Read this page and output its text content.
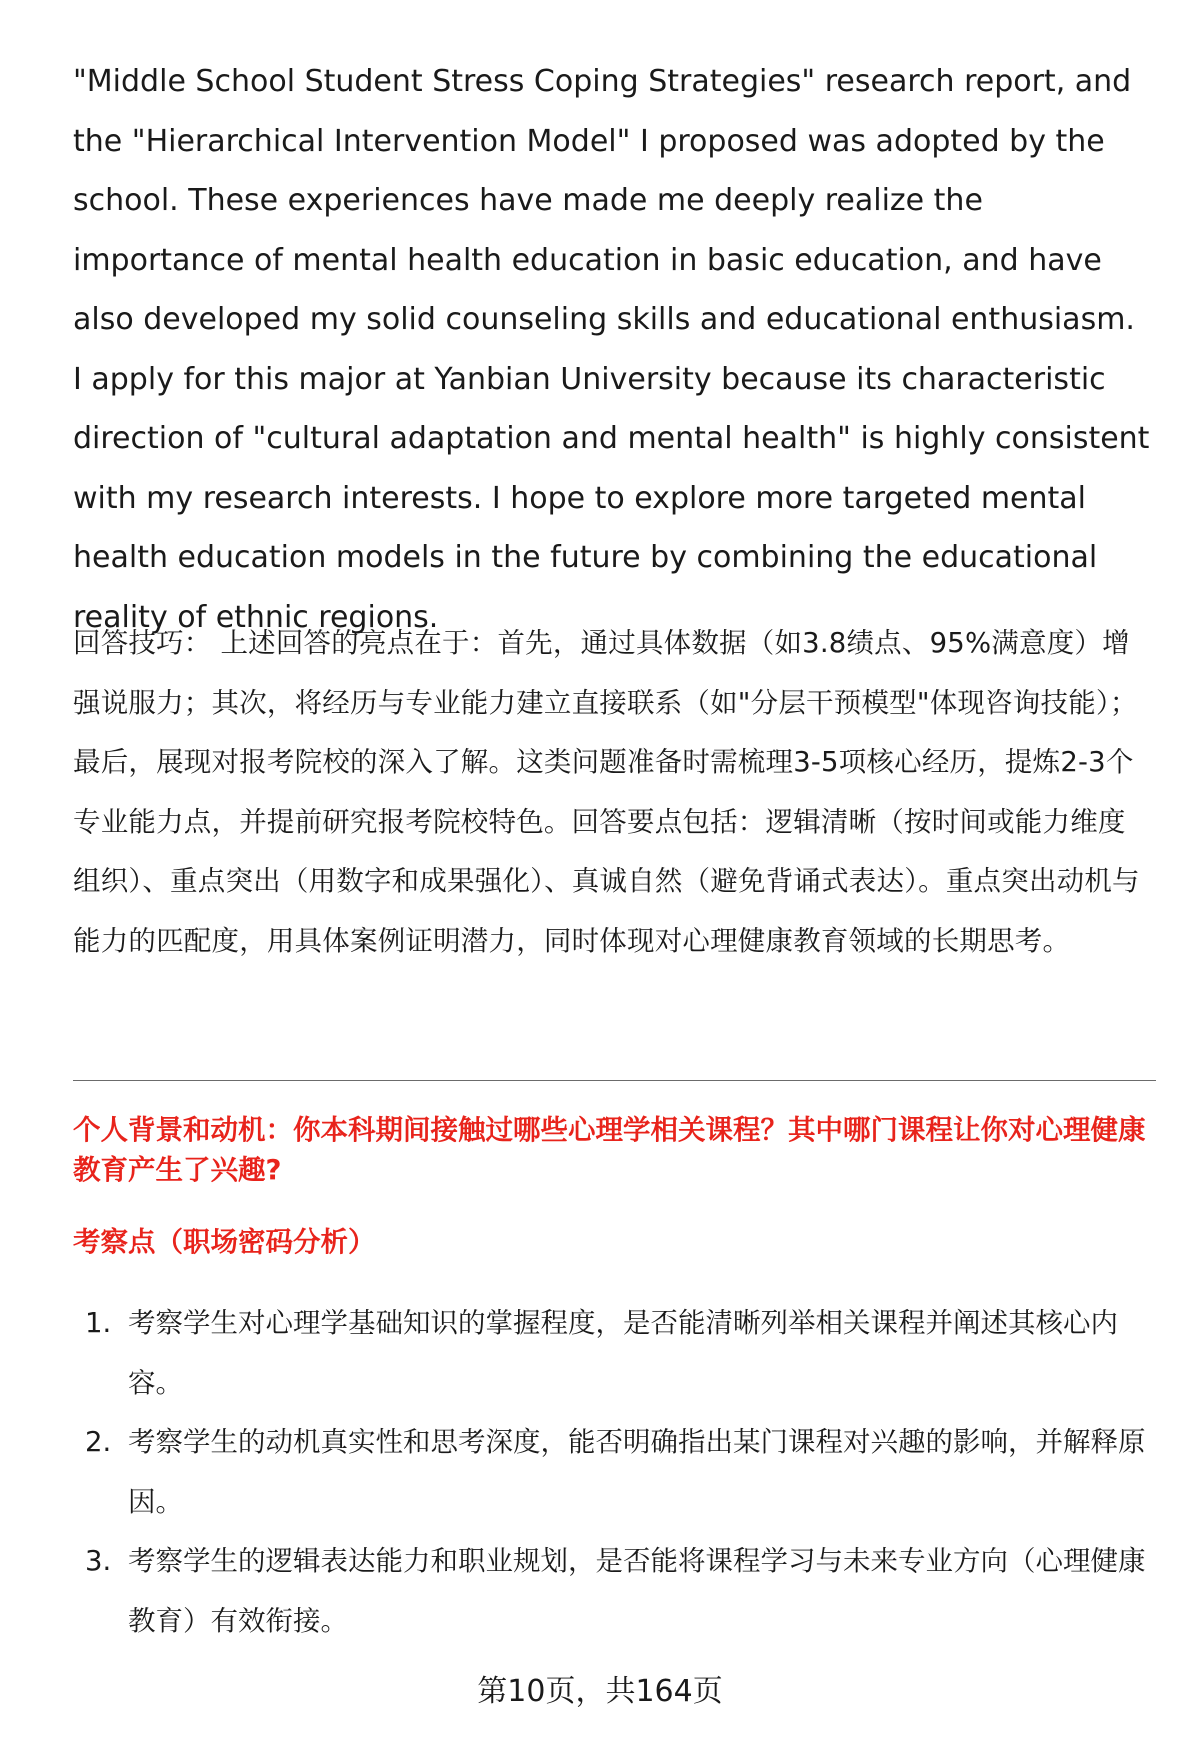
"Middle School Student Stress Coping Strategies" research report, and the "Hierarchical Intervention Model" I proposed was adopted by the school. These experiences have made me deeply realize the importance of mental health education in basic education, and have also developed my solid counseling skills and educational enthusiasm. I apply for this major at Yanbian University because its characteristic direction of "cultural adaptation and mental health" is highly consistent with my research interests. I hope to explore more targeted mental health education models in the future by combining the educational reality of ethnic regions.

回答技巧： 上述回答的亮点在于：首先，通过具体数据（如3.8绩点、95%满意度）增强说服力；其次，将经历与专业能力建立直接联系（如"分层干预模型"体现咨询技能）；最后，展现对报考院校的深入了解。这类问题准备时需梳理3-5项核心经历，提炼2-3个专业能力点，并提前研究报考院校特色。回答要点包括：逻辑清晰（按时间或能力维度组织）、重点突出（用数字和成果强化）、真诚自然（避免背诵式表达）。重点突出动机与能力的匹配度，用具体案例证明潜力，同时体现对心理健康教育领域的长期思考。

个人背景和动机：你本科期间接触过哪些心理学相关课程？其中哪门课程让你对心理健康教育产生了兴趣?

考察点（职场密码分析）

1. 考察学生对心理学基础知识的掌握程度，是否能清晰列举相关课程并阐述其核心内容。
2. 考察学生的动机真实性和思考深度，能否明确指出某门课程对兴趣的影响，并解释原因。
3. 考察学生的逻辑表达能力和职业规划，是否能将课程学习与未来专业方向（心理健康教育）有效衔接。
第10页，共164页
